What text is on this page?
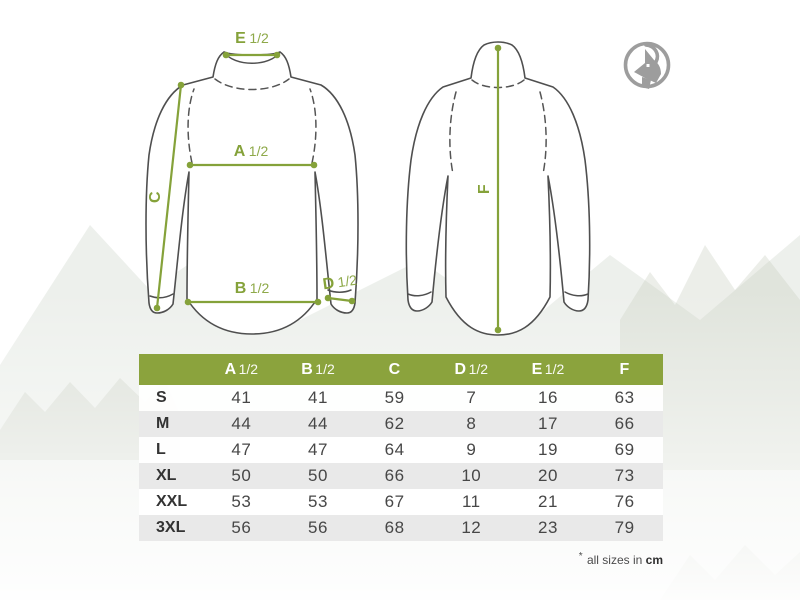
E 1/2
A 1/2
B 1/2
C
D1/2
F
	A 1/2	B 1/2	C	D 1/2	E 1/2	F
S	41	41	59	7	16	63
M	44	44	62	8	17	66
L	47	47	64	9	19	69
XL	50	50	66	10	20	73
XXL	53	53	67	11	21	76
3XL	56	56	68	12	23	79
* all sizes in cm
